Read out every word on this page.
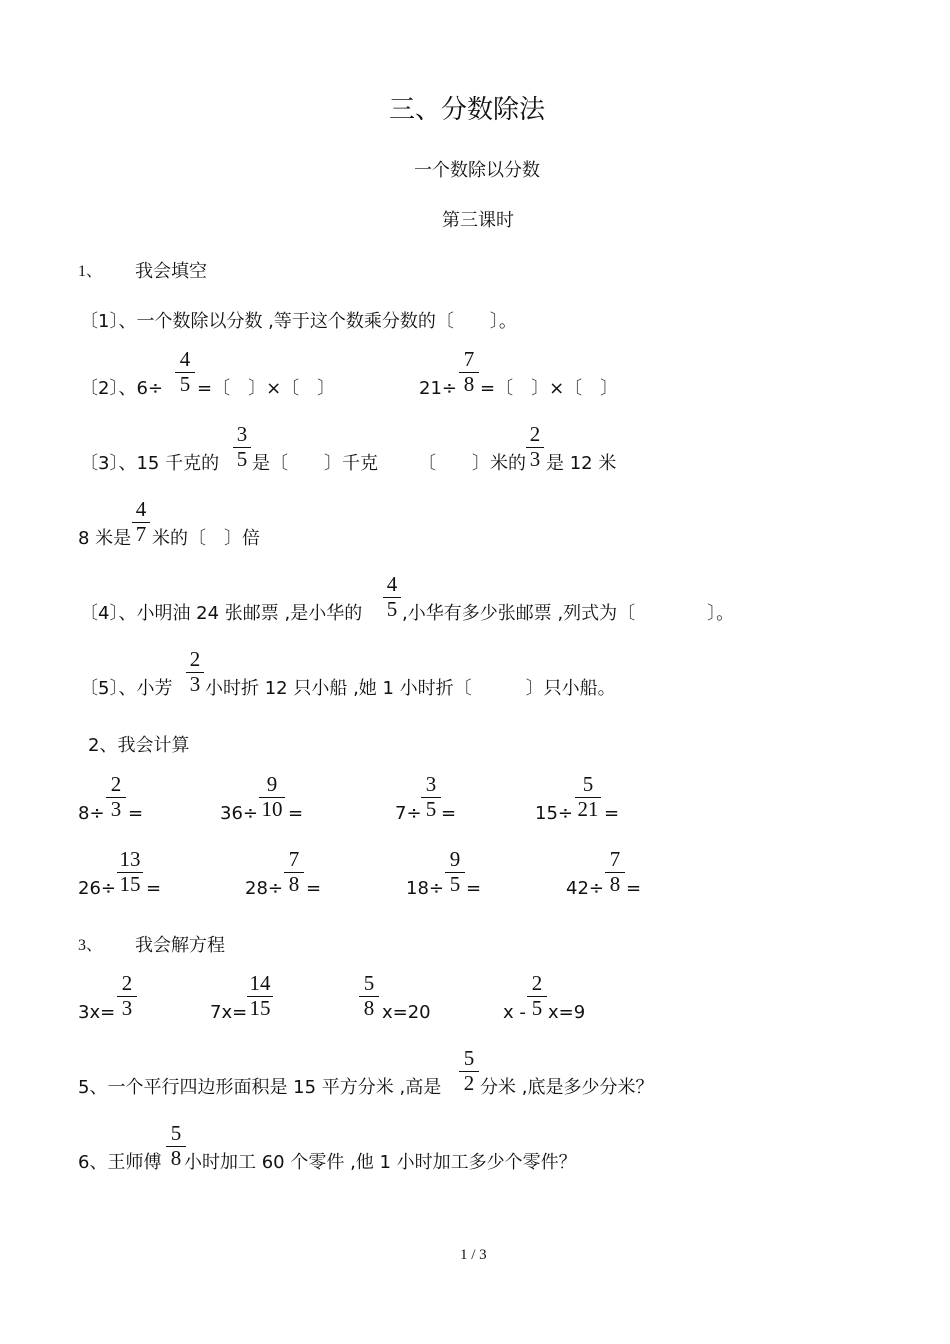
三、分数除法
一个数除以分数
第三课时
1、 我会填空
〔1〕、一个数除以分数 ,等于这个数乘分数的〔　　〕。
〔2〕、6÷
4
5 =〔　〕×〔　〕	21÷
7
8 =〔　〕×〔　〕
〔3〕、15 千克的
3
5 是〔　　〕千克 〔　　〕米的
2
3 是 12 米
8 米是
4
7 米的〔　〕倍
〔4〕、小明油 24 张邮票 ,是小华的
4
5 ,小华有多少张邮票 ,列式为〔　　　　〕。
〔5〕、小芳
2
3 小时折 12 只小船 ,她 1 小时折〔　　　〕只小船。
2、我会计算
8÷
2
3 =	36÷
9
10 =	7÷
3
5 =	15÷
5
21 =
26÷
13
15 =	28÷
7
8 =	18÷
9
5 =	42÷
7
8 =
3、 我会解方程
3x=
2
3	7x=
14
15
5
8 x=20	x -
2
5 x=9
5、一个平行四边形面积是 15 平方分米 ,高是
5
2 分米 ,底是多少分米？
6、王师傅
5
8 小时加工 60 个零件 ,他 1 小时加工多少个零件？
1 / 3
